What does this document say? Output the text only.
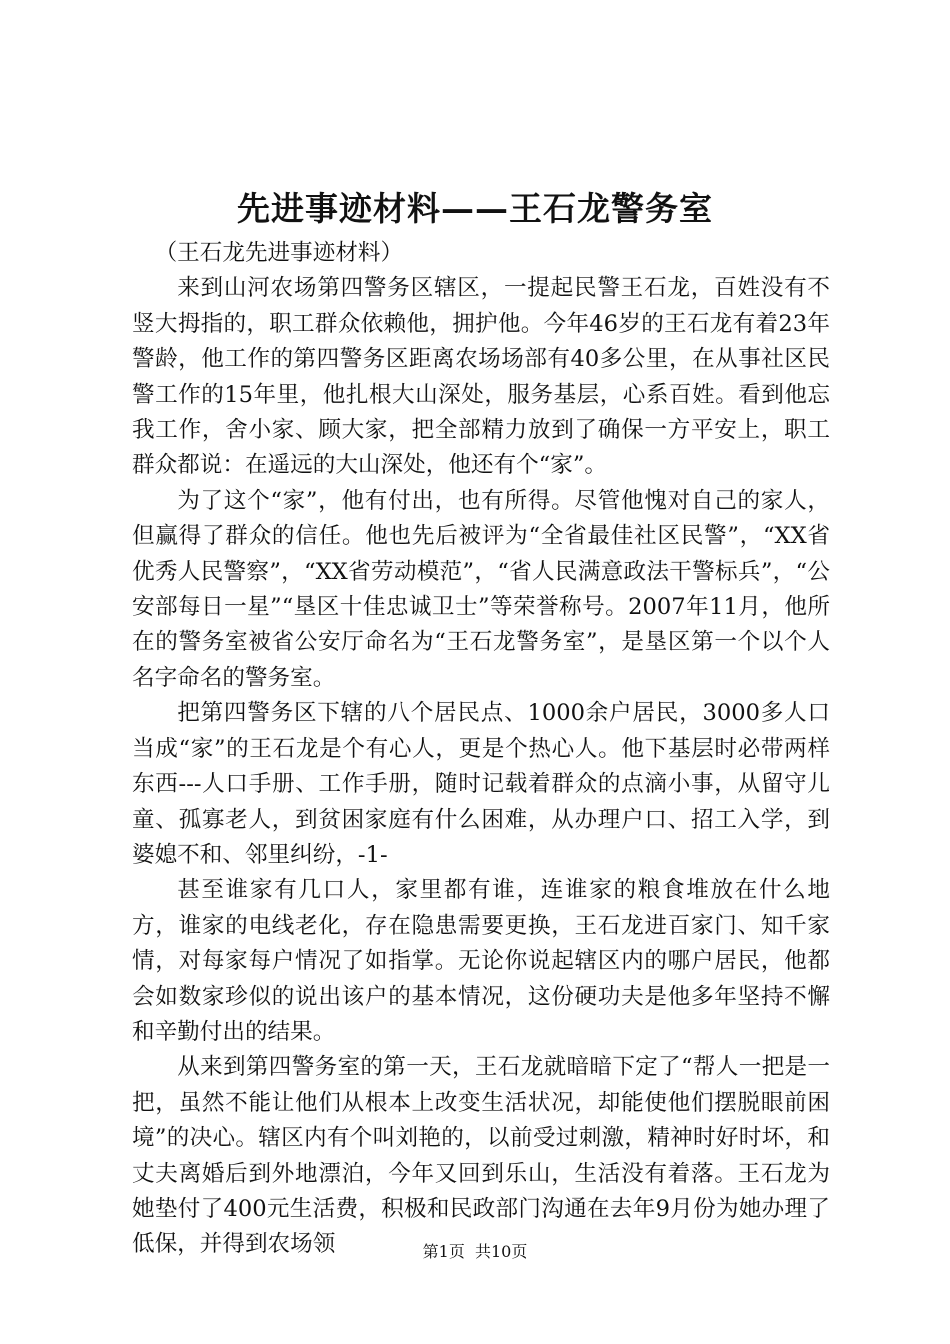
先进事迹材料——王石龙警务室

（王石龙先进事迹材料）

来到山河农场第四警务区辖区，一提起民警王石龙，百姓没有不竖大拇指的，职工群众依赖他，拥护他。今年46岁的王石龙有着23年警龄，他工作的第四警务区距离农场场部有40多公里，在从事社区民警工作的15年里，他扎根大山深处，服务基层，心系百姓。看到他忘我工作，舍小家、顾大家，把全部精力放到了确保一方平安上，职工群众都说：在遥远的大山深处，他还有个“家”。

为了这个“家”，他有付出，也有所得。尽管他愧对自己的家人，但赢得了群众的信任。他也先后被评为“全省最佳社区民警”，“XX省优秀人民警察”，“XX省劳动模范”，“省人民满意政法干警标兵”，“公安部每日一星”“垦区十佳忠诚卫士”等荣誉称号。2007年11月，他所在的警务室被省公安厅命名为“王石龙警务室”，是垦区第一个以个人名字命名的警务室。

把第四警务区下辖的八个居民点、1000余户居民，3000多人口当成“家”的王石龙是个有心人，更是个热心人。他下基层时必带两样东西---人口手册、工作手册，随时记载着群众的点滴小事，从留守儿童、孤寡老人，到贫困家庭有什么困难，从办理户口、招工入学，到婆媳不和、邻里纠纷，-1-

甚至谁家有几口人，家里都有谁，连谁家的粮食堆放在什么地方，谁家的电线老化，存在隐患需要更换，王石龙进百家门、知千家情，对每家每户情况了如指掌。无论你说起辖区内的哪户居民，他都会如数家珍似的说出该户的基本情况，这份硬功夫是他多年坚持不懈和辛勤付出的结果。

从来到第四警务室的第一天，王石龙就暗暗下定了“帮人一把是一把，虽然不能让他们从根本上改变生活状况，却能使他们摆脱眼前困境”的决心。辖区内有个叫刘艳的，以前受过刺激，精神时好时坏，和丈夫离婚后到外地漂泊，今年又回到乐山，生活没有着落。王石龙为她垫付了400元生活费，积极和民政部门沟通在去年9月份为她办理了低保，并得到农场领	第1页  共10页
